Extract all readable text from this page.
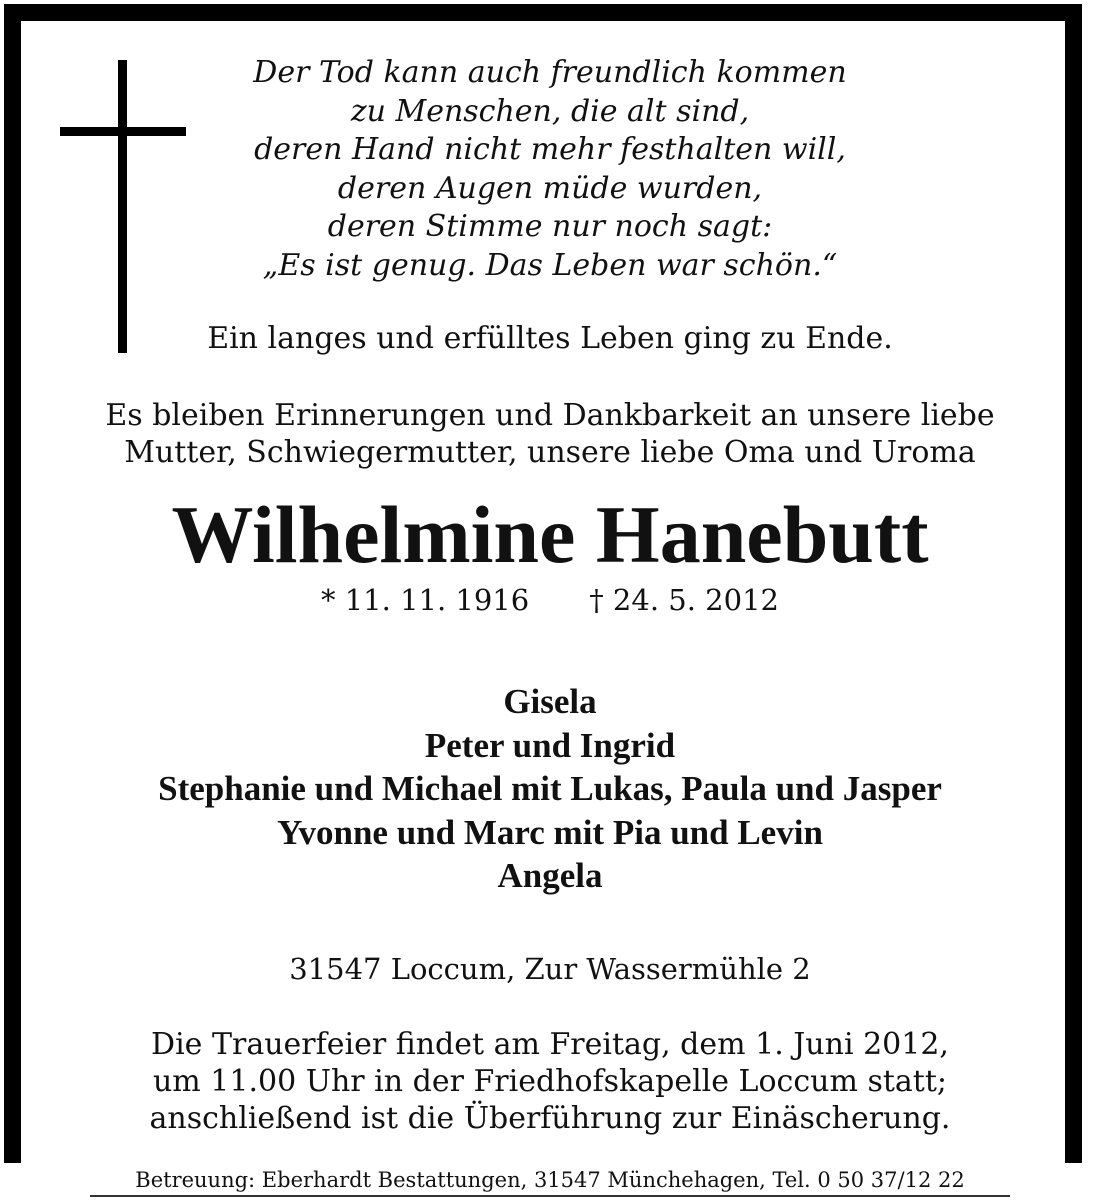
Der Tod kann auch freundlich kommen
zu Menschen, die alt sind,
deren Hand nicht mehr festhalten will,
deren Augen müde wurden,
deren Stimme nur noch sagt:
„Es ist genug. Das Leben war schön.“
Ein langes und erfülltes Leben ging zu Ende.
Es bleiben Erinnerungen und Dankbarkeit an unsere liebe
Mutter, Schwiegermutter, unsere liebe Oma und Uroma
Wilhelmine Hanebutt
* 11. 11. 1916 † 24. 5. 2012
Gisela
Peter und Ingrid
Stephanie und Michael mit Lukas, Paula und Jasper
Yvonne und Marc mit Pia und Levin
Angela
31547 Loccum, Zur Wassermühle 2
Die Trauerfeier findet am Freitag, dem 1. Juni 2012,
um 11.00 Uhr in der Friedhofskapelle Loccum statt;
anschließend ist die Überführung zur Einäscherung.
Betreuung: Eberhardt Bestattungen, 31547 Münchehagen, Tel. 0 50 37/12 22
